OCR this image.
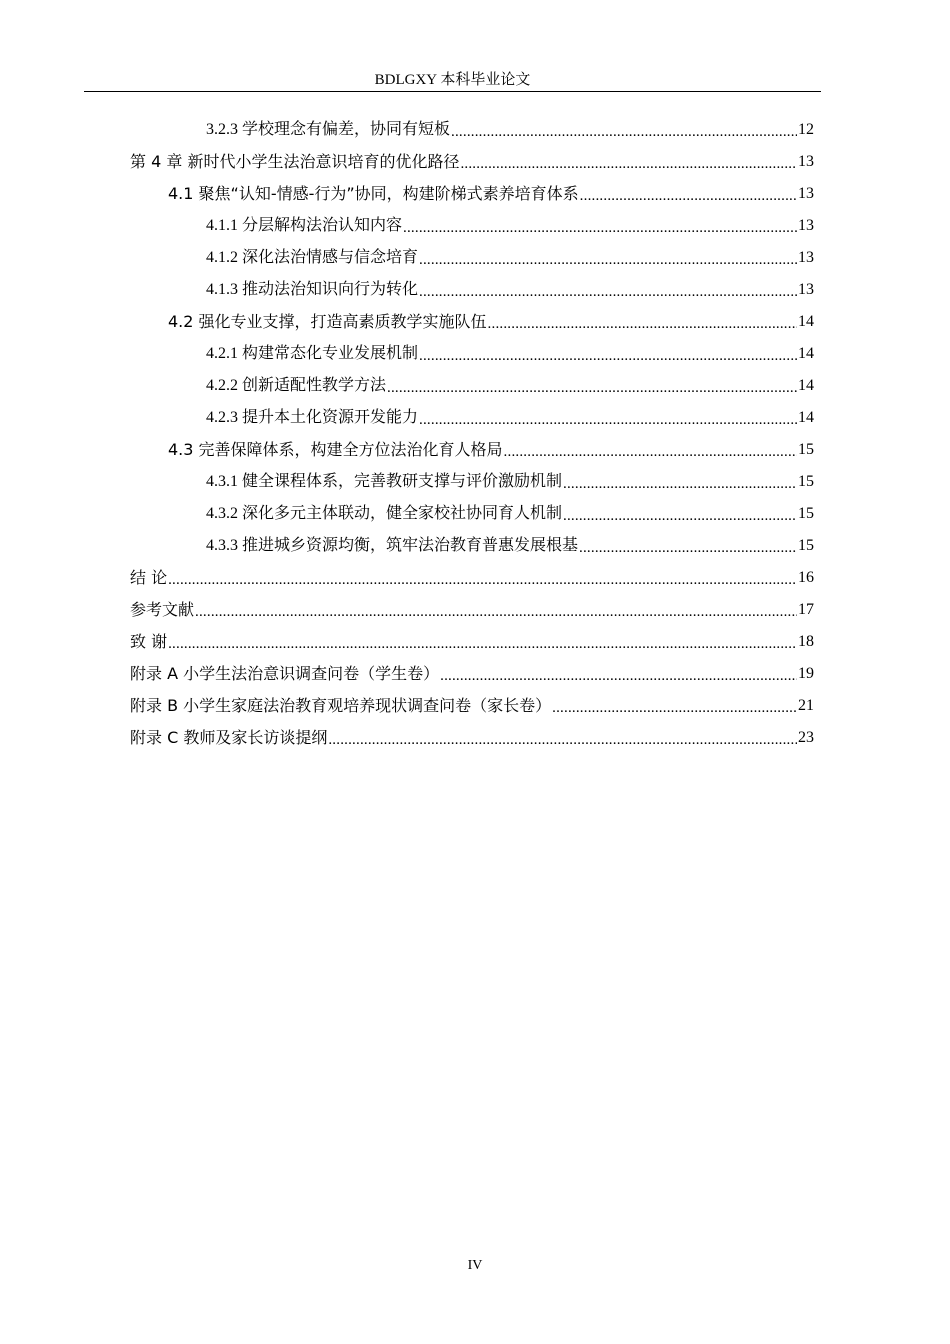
BDLGXY 本科毕业论文
3.2.3 学校理念有偏差，协同有短板 .....	12
第 4 章 新时代小学生法治意识培育的优化路径 .....	13
4.1 聚焦“认知-情感-行为”协同，构建阶梯式素养培育体系 .....	13
4.1.1 分层解构法治认知内容 .....	13
4.1.2 深化法治情感与信念培育 .....	13
4.1.3 推动法治知识向行为转化 .....	13
4.2 强化专业支撑，打造高素质教学实施队伍 .....	14
4.2.1 构建常态化专业发展机制 .....	14
4.2.2 创新适配性教学方法 .....	14
4.2.3 提升本土化资源开发能力 .....	14
4.3 完善保障体系，构建全方位法治化育人格局 .....	15
4.3.1 健全课程体系，完善教研支撑与评价激励机制 .....	15
4.3.2 深化多元主体联动，健全家校社协同育人机制 .....	15
4.3.3 推进城乡资源均衡，筑牢法治教育普惠发展根基 .....	15
结 论 .....	16
参考文献 .....	17
致 谢 .....	18
附录 A 小学生法治意识调查问卷（学生卷） .....	19
附录 B 小学生家庭法治教育观培养现状调查问卷（家长卷） .....	21
附录 C 教师及家长访谈提纲 .....	23
IV
